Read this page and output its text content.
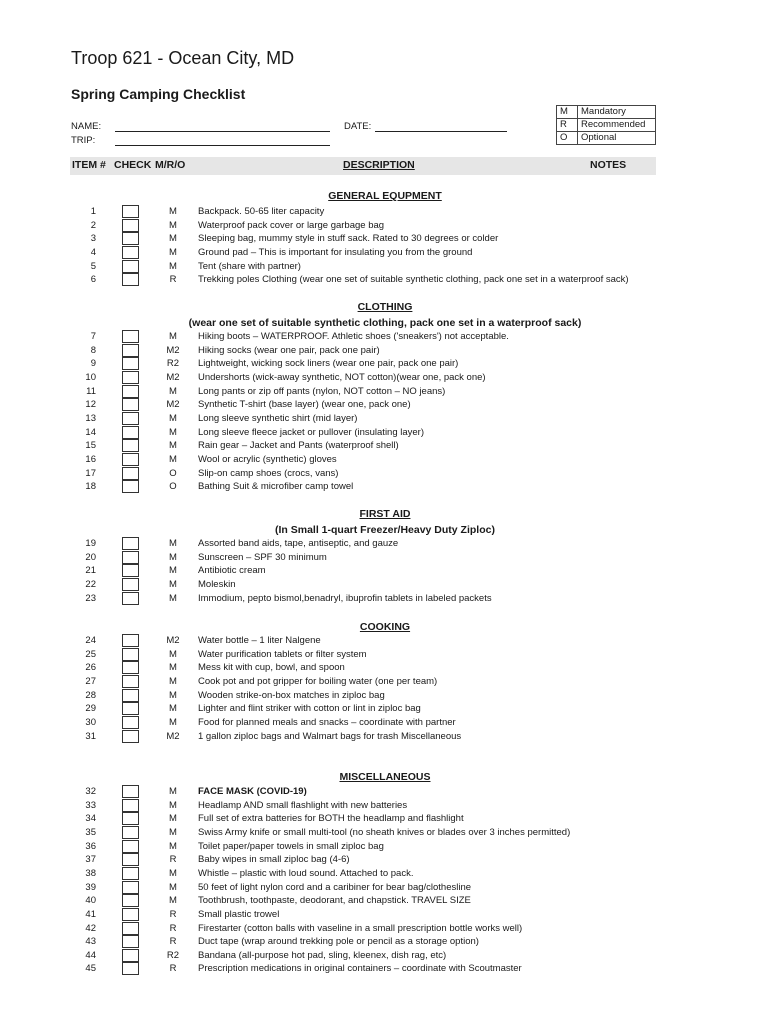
Troop 621 - Ocean City, MD
Spring Camping Checklist
NAME:
TRIP:
DATE:
M	Mandatory
R	Recommended
O	Optional
ITEM # CHECK M/R/O	DESCRIPTION	NOTES
GENERAL EQUPMENT
1	M	Backpack. 50-65 liter capacity
2	M	Waterproof pack cover or large garbage bag
3	M	Sleeping bag, mummy style in stuff sack. Rated to 30 degrees or colder
4	M	Ground pad – This is important for insulating you from the ground
5	M	Tent (share with partner)
6	R	Trekking poles Clothing (wear one set of suitable synthetic clothing, pack one set in a waterproof sack)
CLOTHING
(wear one set of suitable synthetic clothing, pack one set in a waterproof sack)
7	M	Hiking boots – WATERPROOF. Athletic shoes ('sneakers') not acceptable.
8	M2	Hiking socks (wear one pair, pack one pair)
9	R2	Lightweight, wicking sock liners (wear one pair, pack one pair)
10	M2	Undershorts (wick-away synthetic, NOT cotton)(wear one, pack one)
11	M	Long pants or zip off pants (nylon, NOT cotton – NO jeans)
12	M2	Synthetic T-shirt (base layer) (wear one, pack one)
13	M	Long sleeve synthetic shirt (mid layer)
14	M	Long sleeve fleece jacket or pullover (insulating layer)
15	M	Rain gear – Jacket and Pants (waterproof shell)
16	M	Wool or acrylic (synthetic) gloves
17	O	Slip-on camp shoes (crocs, vans)
18	O	Bathing Suit & microfiber camp towel
FIRST AID
(In Small 1-quart Freezer/Heavy Duty Ziploc)
19	M	Assorted band aids, tape, antiseptic, and gauze
20	M	Sunscreen – SPF 30 minimum
21	M	Antibiotic cream
22	M	Moleskin
23	M	Immodium, pepto bismol,benadryl, ibuprofin tablets in labeled packets
COOKING
24	M2	Water bottle – 1 liter Nalgene
25	M	Water purification tablets or filter system
26	M	Mess kit with cup, bowl, and spoon
27	M	Cook pot and pot gripper for boiling water (one per team)
28	M	Wooden strike-on-box matches in ziploc bag
29	M	Lighter and flint striker with cotton or lint in ziploc bag
30	M	Food for planned meals and snacks – coordinate with partner
31	M2	1 gallon ziploc bags and Walmart bags for trash Miscellaneous
MISCELLANEOUS
32	M	FACE MASK (COVID-19)
33	M	Headlamp AND small flashlight with new batteries
34	M	Full set of extra batteries for BOTH the headlamp and flashlight
35	M	Swiss Army knife or small multi-tool (no sheath knives or blades over 3 inches permitted)
36	M	Toilet paper/paper towels in small ziploc bag
37	R	Baby wipes in small ziploc bag (4-6)
38	M	Whistle – plastic with loud sound. Attached to pack.
39	M	50 feet of light nylon cord and a caribiner for bear bag/clothesline
40	M	Toothbrush, toothpaste, deodorant, and chapstick. TRAVEL SIZE
41	R	Small plastic trowel
42	R	Firestarter (cotton balls with vaseline in a small prescription bottle works well)
43	R	Duct tape (wrap around trekking pole or pencil as a storage option)
44	R2	Bandana (all-purpose hot pad, sling, kleenex, dish rag, etc)
45	R	Prescription medications in original containers – coordinate with Scoutmaster
